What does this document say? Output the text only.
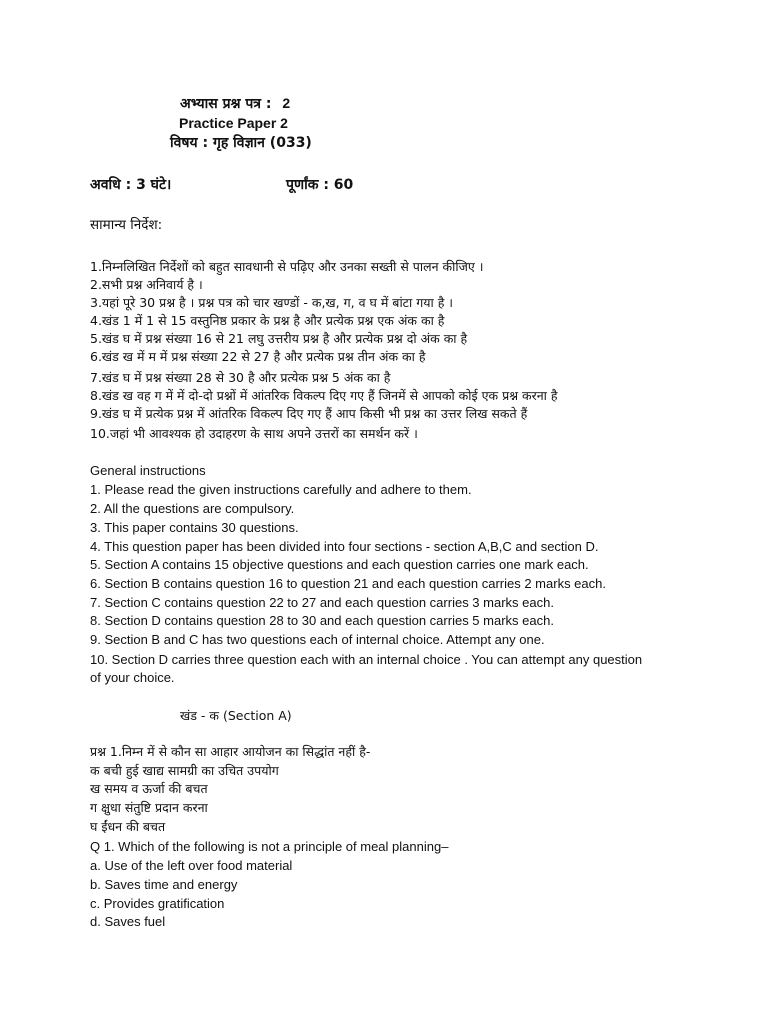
अभ्यास प्रश्न पत्र : 2
Practice Paper 2
विषय : गृह विज्ञान (033)
अवधि : 3 घंटे।	पूर्णांक : 60
सामान्य निर्देश:
1.निम्नलिखित निर्देशों को बहुत सावधानी से पढ़िए और उनका सख्ती से पालन कीजिए ।
2.सभी प्रश्न अनिवार्य है ।
3.यहां पूरे 30 प्रश्न है । प्रश्न पत्र को चार खण्डों - क,ख, ग, व घ में बांटा गया है ।
4.खंड 1 में 1 से 15 वस्तुनिष्ठ प्रकार के प्रश्न है और प्रत्येक प्रश्न एक अंक का है
5.खंड घ में प्रश्न संख्या 16 से 21 लघु उत्तरीय प्रश्न है और प्रत्येक प्रश्न दो अंक का है
6.खंड ख में म में प्रश्न संख्या 22 से 27 है और प्रत्येक प्रश्न तीन अंक का है
7.खंड घ में प्रश्न संख्या 28 से 30 है और प्रत्येक प्रश्न 5 अंक का है
8.खंड ख वह ग में में दो-दो प्रश्नों में आंतरिक विकल्प दिए गए हैं जिनमें से आपको कोई एक प्रश्न करना है
9.खंड घ में प्रत्येक प्रश्न में आंतरिक विकल्प दिए गए हैं आप किसी भी प्रश्न का उत्तर लिख सकते हैं
10.जहां भी आवश्यक हो उदाहरण के साथ अपने उत्तरों का समर्थन करें ।
General instructions
1. Please read the given instructions carefully and adhere to them.
2. All the questions are compulsory.
3. This paper contains 30 questions.
4. This question paper has been divided into four sections - section A,B,C and section D.
5. Section A contains 15 objective questions and each question carries one mark each.
6. Section B contains question 16 to question 21 and each question carries 2 marks each.
7. Section C contains question 22 to 27 and each question carries 3 marks each.
8. Section D contains question 28 to 30 and each question carries 5 marks each.
9. Section B and C has two questions each of internal choice. Attempt any one.
10. Section D carries three question each with an internal choice . You can attempt any question
of your choice.
खंड - क (Section A)
प्रश्न 1.निम्न में से कौन सा आहार आयोजन का सिद्धांत नहीं है-
क बची हुई खाद्य सामग्री का उचित उपयोग
ख समय व ऊर्जा की बचत
ग क्षुधा संतुष्टि प्रदान करना
घ ईंधन की बचत
Q 1. Which of the following is not a principle of meal planning–
a. Use of the left over food material
b. Saves time and energy
c. Provides gratification
d. Saves fuel
